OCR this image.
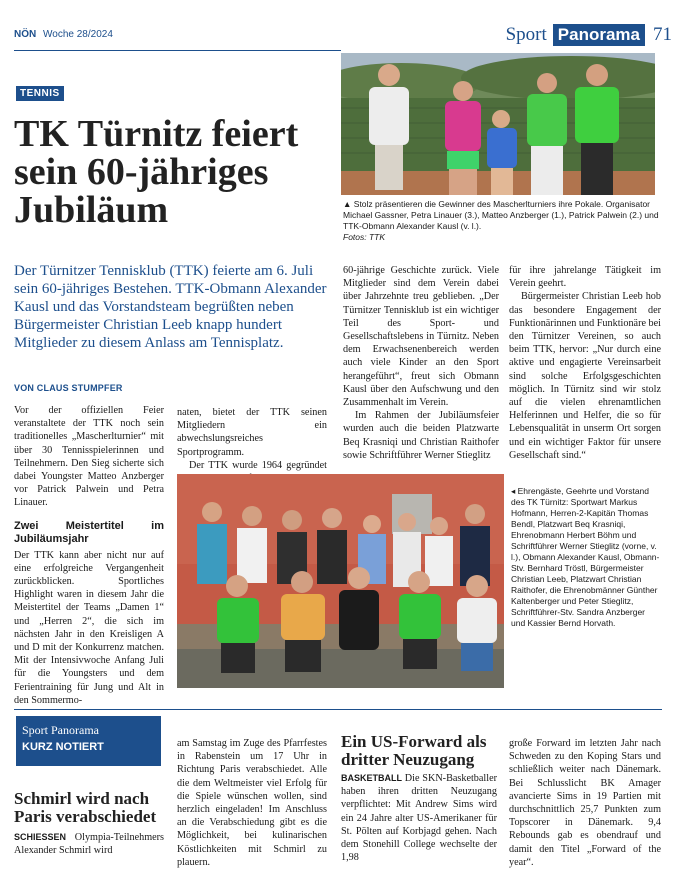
NÖN Woche 28/2024	Sport Panorama 71
TENNIS
TK Türnitz feiert
sein 60-jähriges
Jubiläum	▲ Stolz präsentieren die Gewinner des Mascherlturniers ihre Pokale. Organisator Michael Gassner, Petra Linauer (3.), Matteo Anzberger (1.), Patrick Palwein (2.) und TTK-Obmann Alexander Kausl (v. l.).
Fotos: TTK
Der Türnitzer Tennisklub (TTK) feierte am 6. Juli sein 60-jähriges Bestehen. TTK-Obmann Alexander Kausl und das Vorstandsteam begrüßten neben Bürgermeister Christian Leeb knapp hundert Mitglieder zu diesem Anlass am Tennisplatz.
VON CLAUS STUMPFER

Vor der offiziellen Feier veranstaltete der TTK noch sein traditionelles „Mascherlturnier“ mit über 30 Tennisspielerinnen und Teilnehmern. Den Sieg sicherte sich dabei Youngster Matteo Anzberger vor Patrick Palwein und Petra Linauer.

Zwei Meistertitel im Jubiläumsjahr

Der TTK kann aber nicht nur auf eine erfolgreiche Vergangenheit zurückblicken. Sportliches Highlight waren in diesem Jahr die Meistertitel der Teams „Damen 1“ und „Herren 2“, die sich im nächsten Jahr in den Kreisligen A und D mit der Konkurrenz matchen. Mit der Intensivwoche Anfang Juli für die Youngsters und dem Ferientraining für Jung und Alt in den Sommermo-

naten, bietet der TTK seinen Mitgliedern ein abwechslungsreiches Sportprogramm.

Der TTK wurde 1964 gegründet

60-jährige Geschichte zurück. Viele Mitglieder sind dem Verein dabei über Jahrzehnte treu geblieben. „Der Türnitzer Tennisklub ist ein wichtiger Teil des Sport- und Gesellschaftslebens in Türnitz. Neben dem Erwachsenenbereich werden auch viele Kinder an den Sport herangeführt“, freut sich Obmann Kausl über den Aufschwung und den Zusammenhalt im Verein.

Im Rahmen der Jubiläumsfeier wurden auch die beiden Platzwarte Beq Krasniqi und Christian Raithofer sowie Schriftführer Werner Stieglitz

für ihre jahrelange Tätigkeit im Verein geehrt.

Bürgermeister Christian Leeb hob das besondere Engagement der Funktionärinnen und Funktionäre bei den Türnitzer Vereinen, so auch beim TTK, hervor: „Nur durch eine aktive und engagierte Vereinsarbeit sind solche Erfolgsgeschichten möglich. In Türnitz sind wir stolz auf die vielen ehrenamtlichen Helferinnen und Helfer, die so für Lebensqualität in unserm Ort sorgen und ein wichtiger Faktor für unsere Gesellschaft sind.“

◂ Ehrengäste, Geehrte und Vorstand des TK Türnitz: Sportwart Markus Hofmann, Herren-2-Kapitän Thomas Bendl, Platzwart Beq Krasniqi, Ehrenobmann Herbert Böhm und Schriftführer Werner Stieglitz (vorne, v. l.), Obmann Alexander Kausl, Obmann-Stv. Bernhard Tröstl, Bürgermeister Christian Leeb, Platzwart Christian Raithofer, die Ehrenobmänner Günther Kaltenberger und Peter Stieglitz, Schriftführer-Stv. Sandra Anzberger und Kassier Bernd Horvath.
Sport Panorama
KURZ NOTIERT
Schmirl wird nach Paris verabschiedet
SCHIESSEN Olympia-Teilnehmers Alexander Schmirl wird

am Samstag im Zuge des Pfarrfestes in Rabenstein um 17 Uhr in Richtung Paris verabschiedet. Alle die dem Weltmeister viel Erfolg für die Spiele wünschen wollen, sind herzlich eingeladen! Im Anschluss an die Verabschiedung gibt es die Möglichkeit, bei kulinarischen Köstlichkeiten mit Schmirl zu plauern.

Ein US-Forward als dritter Neuzugang
BASKETBALL Die SKN-Basketballer haben ihren dritten Neuzugang verpflichtet: Mit Andrew Sims wird ein 24 Jahre alter US-Amerikaner für St. Pölten auf Korbjagd gehen. Nach dem Stonehill College wechselte der 1,98

große Forward im letzten Jahr nach Schweden zu den Koping Stars und schließlich weiter nach Dänemark. Bei Schlusslicht BK Amager avancierte Sims in 19 Partien mit durchschnittlich 25,7 Punkten zum Topscorer in Dänemark. 9,4 Rebounds gab es obendrauf und damit den Titel „Forward of the year“.
